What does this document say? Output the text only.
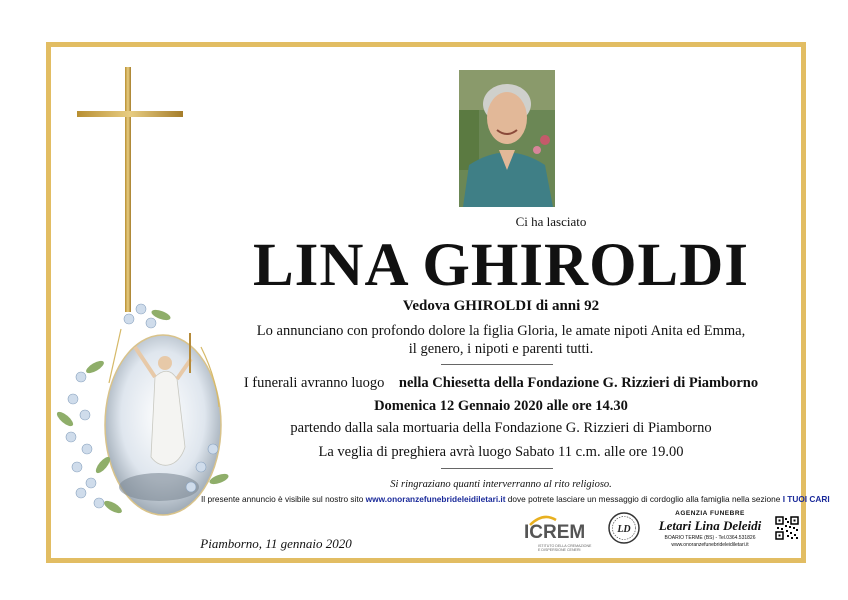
Ci ha lasciato
LINA GHIROLDI
Vedova GHIROLDI di anni 92
Lo annunciano con profondo dolore la figlia Gloria, le amate nipoti Anita ed Emma,
il genero, i nipoti e parenti tutti.
I funerali avranno luogo nella Chiesetta della Fondazione G. Rizzieri di Piamborno
Domenica 12 Gennaio 2020 alle ore 14.30
partendo dalla sala mortuaria della Fondazione G. Rizzieri di Piamborno
La veglia di preghiera avrà luogo Sabato 11 c.m. alle ore 19.00
Si ringraziano quanti interverranno al rito religioso.
Il presente annuncio è visibile sul nostro sito www.onoranzefunebrideleidiletari.it dove potrete lasciare un messaggio di cordoglio alla famiglia nella sezione I TUOI CARI
Piamborno, 11 gennaio 2020
ICREM
ISTITUTO DELLA CREMAZIONE
E DISPERSIONE CENERI
LD
AGENZIA FUNEBRE
Letari Lina Deleidi
BOARIO TERME (BS) - Tel.0364.531826
www.onoranzefunebrideleidiletari.it
